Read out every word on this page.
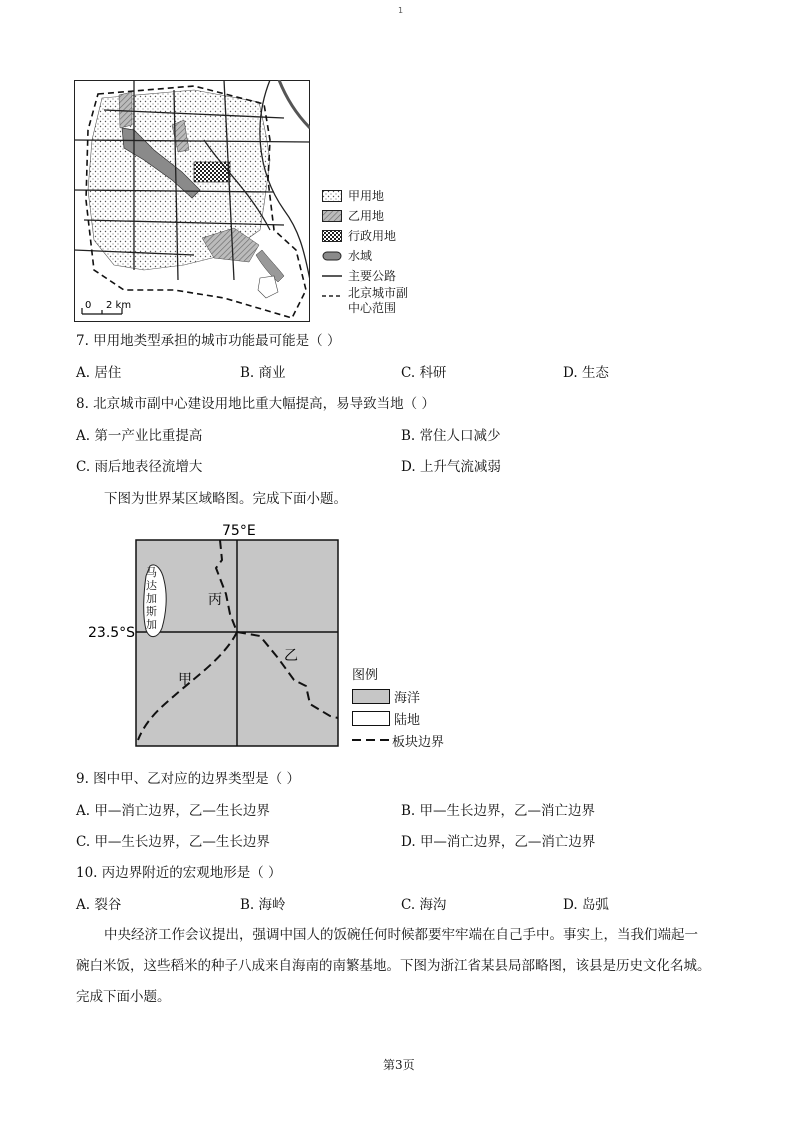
1
0 2 km
甲用地
乙用地
行政用地
水域
主要公路
北京城市副
中心范围
7. 甲用地类型承担的城市功能最可能是（ ）
A. 居住	B. 商业	C. 科研	D. 生态
8. 北京城市副中心建设用地比重大幅提高，易导致当地（ ）
A. 第一产业比重提高	B. 常住人口减少
C. 雨后地表径流增大	D. 上升气流减弱
下图为世界某区域略图。完成下面小题。
75°E
23.5°S
丙
乙
甲
马达加斯加
图例
海洋
陆地
板块边界
9. 图中甲、乙对应的边界类型是（ ）
A. 甲—消亡边界，乙—生长边界	B. 甲—生长边界，乙—消亡边界
C. 甲—生长边界，乙—生长边界	D. 甲—消亡边界，乙—消亡边界
10. 丙边界附近的宏观地形是（ ）
A. 裂谷	B. 海岭	C. 海沟	D. 岛弧
中央经济工作会议提出，强调中国人的饭碗任何时候都要牢牢端在自己手中。事实上，当我们端起一
碗白米饭，这些稻米的种子八成来自海南的南繁基地。下图为浙江省某县局部略图，该县是历史文化名城。
完成下面小题。
第3页
